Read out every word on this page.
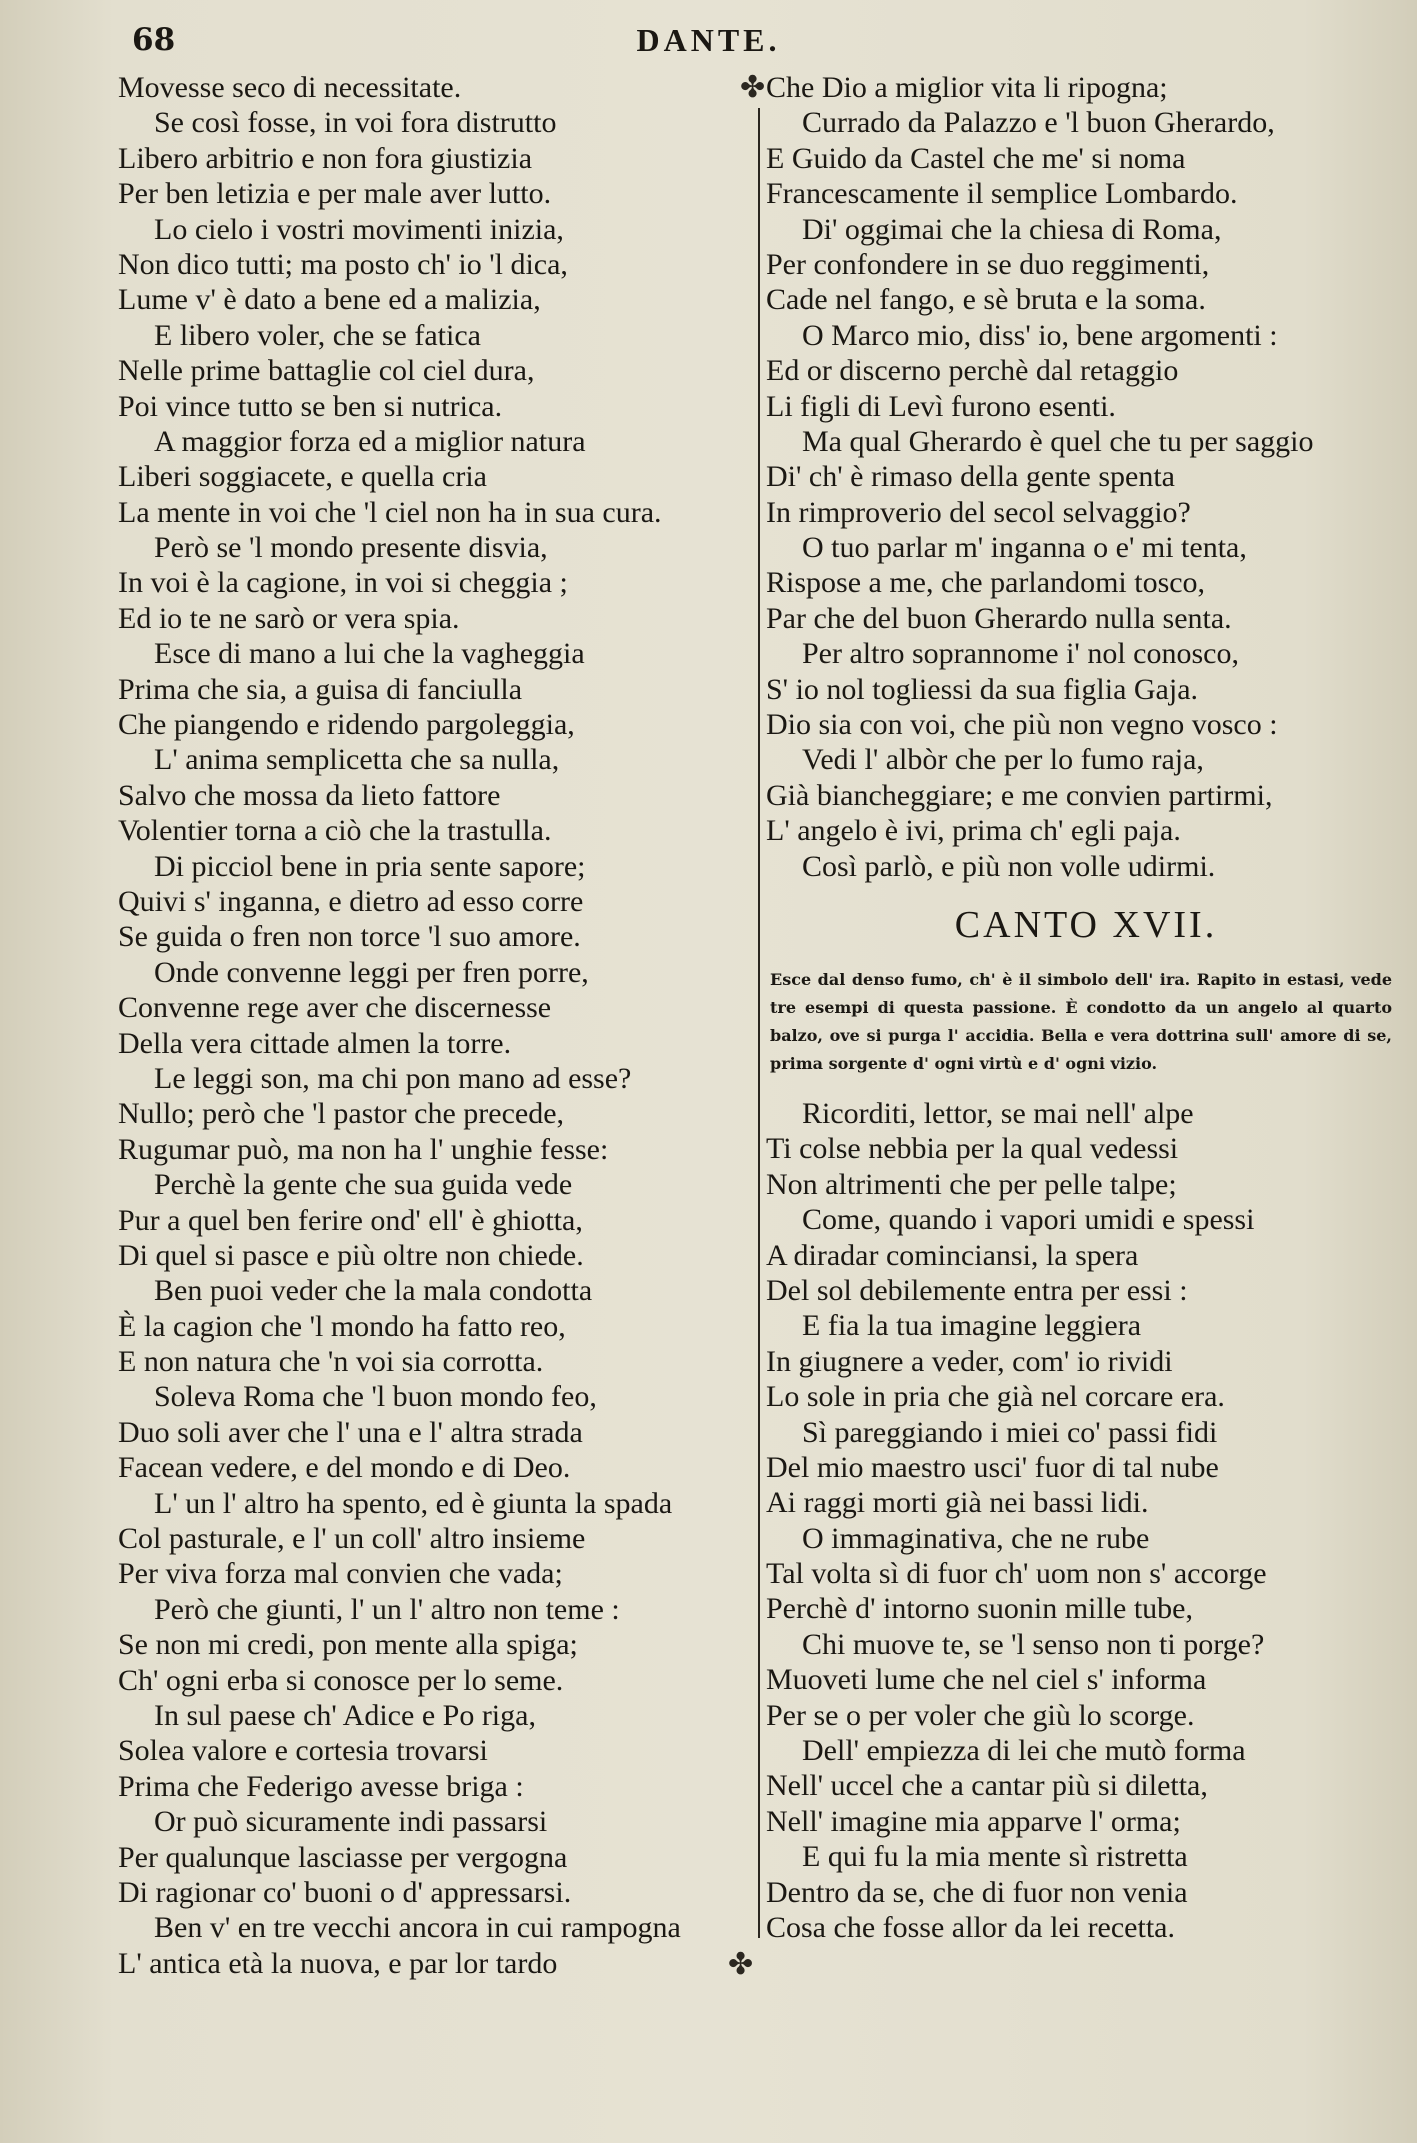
68	DANTE.
Movesse seco di necessitate.
Se così fosse, in voi fora distrutto
Libero arbitrio e non fora giustizia
Per ben letizia e per male aver lutto.
Lo cielo i vostri movimenti inizia,
Non dico tutti; ma posto ch' io 'l dica,
Lume v' è dato a bene ed a malizia,
E libero voler, che se fatica
Nelle prime battaglie col ciel dura,
Poi vince tutto se ben si nutrica.
A maggior forza ed a miglior natura
Liberi soggiacete, e quella cria
La mente in voi che 'l ciel non ha in sua cura.
Però se 'l mondo presente disvia,
In voi è la cagione, in voi si cheggia ;
Ed io te ne sarò or vera spia.
Esce di mano a lui che la vagheggia
Prima che sia, a guisa di fanciulla
Che piangendo e ridendo pargoleggia,
L' anima semplicetta che sa nulla,
Salvo che mossa da lieto fattore
Volentier torna a ciò che la trastulla.
Di picciol bene in pria sente sapore;
Quivi s' inganna, e dietro ad esso corre
Se guida o fren non torce 'l suo amore.
Onde convenne leggi per fren porre,
Convenne rege aver che discernesse
Della vera cittade almen la torre.
Le leggi son, ma chi pon mano ad esse?
Nullo; però che 'l pastor che precede,
Rugumar può, ma non ha l' unghie fesse:
Perchè la gente che sua guida vede
Pur a quel ben ferire ond' ell' è ghiotta,
Di quel si pasce e più oltre non chiede.
Ben puoi veder che la mala condotta
È la cagion che 'l mondo ha fatto reo,
E non natura che 'n voi sia corrotta.
Soleva Roma che 'l buon mondo feo,
Duo soli aver che l' una e l' altra strada
Facean vedere, e del mondo e di Deo.
L' un l' altro ha spento, ed è giunta la spada
Col pasturale, e l' un coll' altro insieme
Per viva forza mal convien che vada;
Però che giunti, l' un l' altro non teme :
Se non mi credi, pon mente alla spiga;
Ch' ogni erba si conosce per lo seme.
In sul paese ch' Adice e Po riga,
Solea valore e cortesia trovarsi
Prima che Federigo avesse briga :
Or può sicuramente indi passarsi
Per qualunque lasciasse per vergogna
Di ragionar co' buoni o d' appressarsi.
Ben v' en tre vecchi ancora in cui rampogna
L' antica età la nuova, e par lor tardo
✤
✤
Che Dio a miglior vita li ripogna;
Currado da Palazzo e 'l buon Gherardo,
E Guido da Castel che me' si noma
Francescamente il semplice Lombardo.
Di' oggimai che la chiesa di Roma,
Per confondere in se duo reggimenti,
Cade nel fango, e sè bruta e la soma.
O Marco mio, diss' io, bene argomenti :
Ed or discerno perchè dal retaggio
Li figli di Levì furono esenti.
Ma qual Gherardo è quel che tu per saggio
Di' ch' è rimaso della gente spenta
In rimproverio del secol selvaggio?
O tuo parlar m' inganna o e' mi tenta,
Rispose a me, che parlandomi tosco,
Par che del buon Gherardo nulla senta.
Per altro soprannome i' nol conosco,
S' io nol togliessi da sua figlia Gaja.
Dio sia con voi, che più non vegno vosco :
Vedi l' albòr che per lo fumo raja,
Già biancheggiare; e me convien partirmi,
L' angelo è ivi, prima ch' egli paja.
Così parlò, e più non volle udirmi.
CANTO XVII.
Esce dal denso fumo, ch' è il simbolo dell' ira. Rapito in estasi, vede tre esempi di questa passione. È condotto da un angelo al quarto balzo, ove si purga l' accidia. Bella e vera dottrina sull' amore di se, prima sorgente d' ogni virtù e d' ogni vizio.
Ricorditi, lettor, se mai nell' alpe
Ti colse nebbia per la qual vedessi
Non altrimenti che per pelle talpe;
Come, quando i vapori umidi e spessi
A diradar cominciansi, la spera
Del sol debilemente entra per essi :
E fia la tua imagine leggiera
In giugnere a veder, com' io rividi
Lo sole in pria che già nel corcare era.
Sì pareggiando i miei co' passi fidi
Del mio maestro usci' fuor di tal nube
Ai raggi morti già nei bassi lidi.
O immaginativa, che ne rube
Tal volta sì di fuor ch' uom non s' accorge
Perchè d' intorno suonin mille tube,
Chi muove te, se 'l senso non ti porge?
Muoveti lume che nel ciel s' informa
Per se o per voler che giù lo scorge.
Dell' empiezza di lei che mutò forma
Nell' uccel che a cantar più si diletta,
Nell' imagine mia apparve l' orma;
E qui fu la mia mente sì ristretta
Dentro da se, che di fuor non venia
Cosa che fosse allor da lei recetta.
